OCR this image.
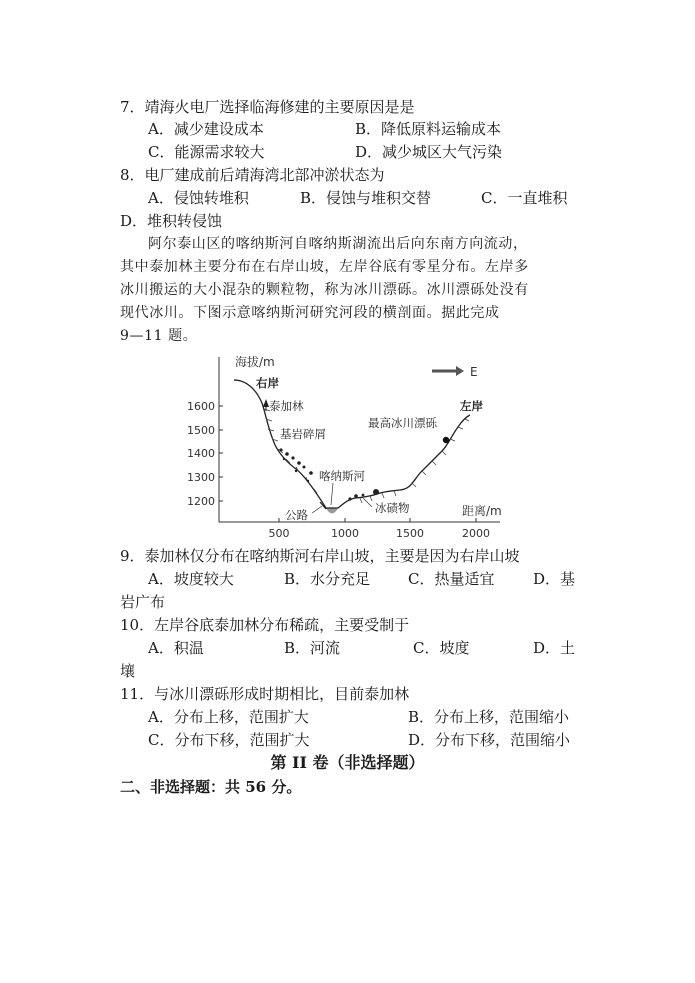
7．靖海火电厂选择临海修建的主要原因是是
A．减少建设成本	B．降低原料运输成本
C．能源需求较大	D．减少城区大气污染
8．电厂建成前后靖海湾北部冲淤状态为
A．侵蚀转堆积	B．侵蚀与堆积交替	C．一直堆积
D．堆积转侵蚀

阿尔泰山区的喀纳斯河自喀纳斯湖流出后向东南方向流动，

其中泰加林主要分布在右岸山坡，左岸谷底有零星分布。左岸多

冰川搬运的大小混杂的颗粒物，称为冰川漂砾。冰川漂砾处没有

现代冰川。下图示意喀纳斯河研究河段的横剖面。据此完成

9—11 题。

海拔/m
距离/m
1600
1500
1400
1300
1200
500	1000	1500	2000
E
右岸
泰加林
基岩碎屑
喀纳斯河
最高冰川漂砾
左岸
公路	冰碛物
9．泰加林仅分布在喀纳斯河右岸山坡，主要是因为右岸山坡
A．坡度较大	B．水分充足	C．热量适宜	D．基
岩广布
10．左岸谷底泰加林分布稀疏，主要受制于
A．积温	B．河流	C．坡度	D．土
壤
11．与冰川漂砾形成时期相比，目前泰加林
A．分布上移，范围扩大	B．分布上移，范围缩小
C．分布下移，范围扩大	D．分布下移，范围缩小
第 II 卷（非选择题）
二、非选择题：共 56 分。
